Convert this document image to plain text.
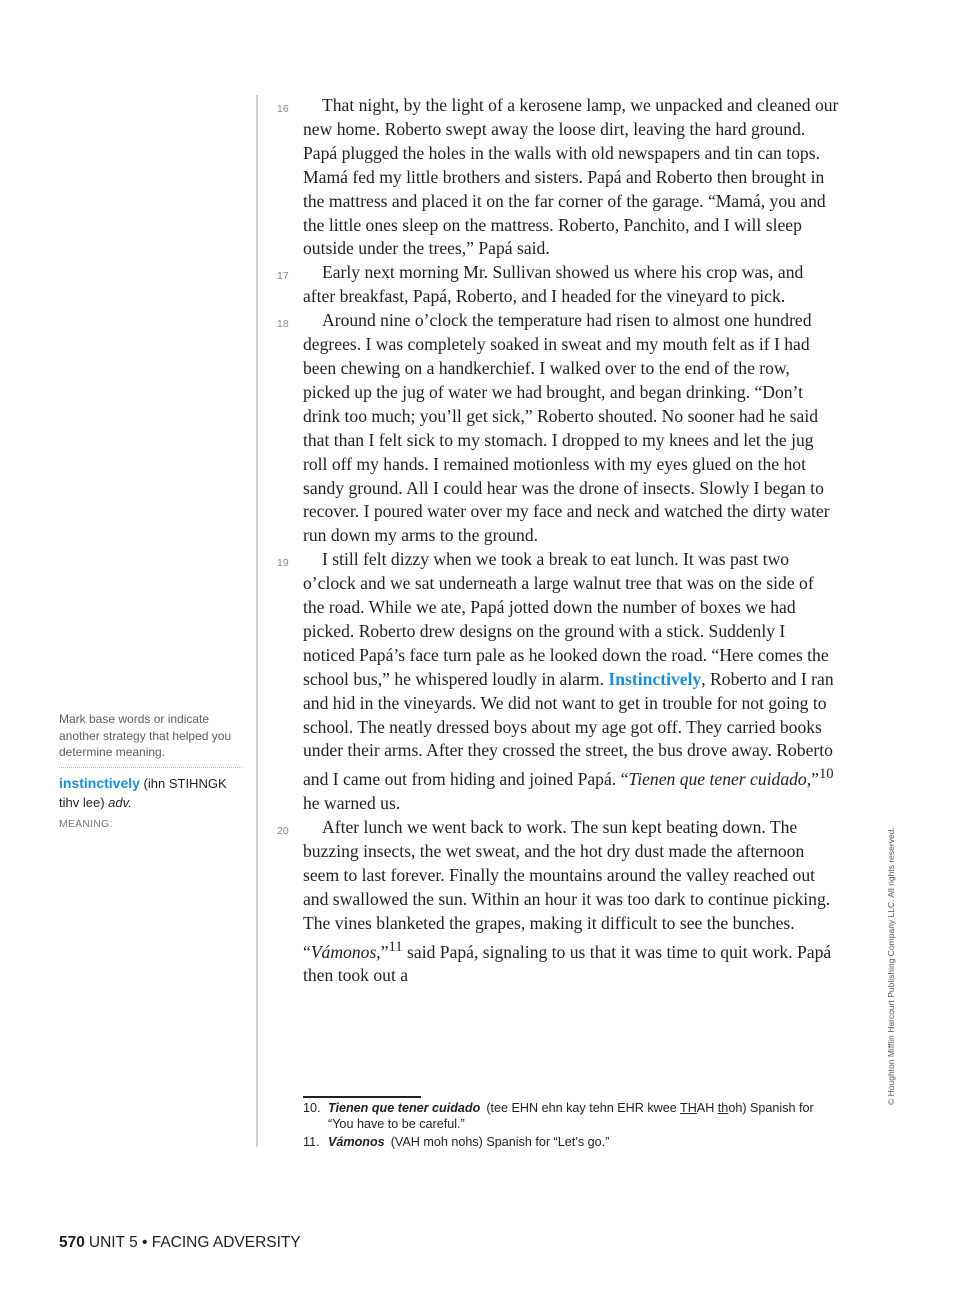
Mark base words or indicate another strategy that helped you determine meaning.
instinctively (ihn STIHNGK tihv lee) adv.
MEANING:
16	That night, by the light of a kerosene lamp, we unpacked and cleaned our new home. Roberto swept away the loose dirt, leaving the hard ground. Papá plugged the holes in the walls with old newspapers and tin can tops. Mamá fed my little brothers and sisters. Papá and Roberto then brought in the mattress and placed it on the far corner of the garage. “Mamá, you and the little ones sleep on the mattress. Roberto, Panchito, and I will sleep outside under the trees,” Papá said.
17	Early next morning Mr. Sullivan showed us where his crop was, and after breakfast, Papá, Roberto, and I headed for the vineyard to pick.
18	Around nine o’clock the temperature had risen to almost one hundred degrees. I was completely soaked in sweat and my mouth felt as if I had been chewing on a handkerchief. I walked over to the end of the row, picked up the jug of water we had brought, and began drinking. “Don’t drink too much; you’ll get sick,” Roberto shouted. No sooner had he said that than I felt sick to my stomach. I dropped to my knees and let the jug roll off my hands. I remained motionless with my eyes glued on the hot sandy ground. All I could hear was the drone of insects. Slowly I began to recover. I poured water over my face and neck and watched the dirty water run down my arms to the ground.
19	I still felt dizzy when we took a break to eat lunch. It was past two o’clock and we sat underneath a large walnut tree that was on the side of the road. While we ate, Papá jotted down the number of boxes we had picked. Roberto drew designs on the ground with a stick. Suddenly I noticed Papá’s face turn pale as he looked down the road. “Here comes the school bus,” he whispered loudly in alarm. Instinctively, Roberto and I ran and hid in the vineyards. We did not want to get in trouble for not going to school. The neatly dressed boys about my age got off. They carried books under their arms. After they crossed the street, the bus drove away. Roberto and I came out from hiding and joined Papá. “Tienen que tener cuidado,”$^{10}$ he warned us.
20	After lunch we went back to work. The sun kept beating down. The buzzing insects, the wet sweat, and the hot dry dust made the afternoon seem to last forever. Finally the mountains around the valley reached out and swallowed the sun. Within an hour it was too dark to continue picking. The vines blanketed the grapes, making it difficult to see the bunches. “Vámonos,”$^{11}$ said Papá, signaling to us that it was time to quit work. Papá then took out a
10. Tienen que tener cuidado (tee EHN ehn kay tehn EHR kwee THAH thoh) Spanish for “You have to be careful.”
11. Vámonos (VAH moh nohs) Spanish for “Let’s go.”
© Houghton Mifflin Harcourt Publishing Company LLC. All rights reserved.
570 UNIT 5 • FACING ADVERSITY
